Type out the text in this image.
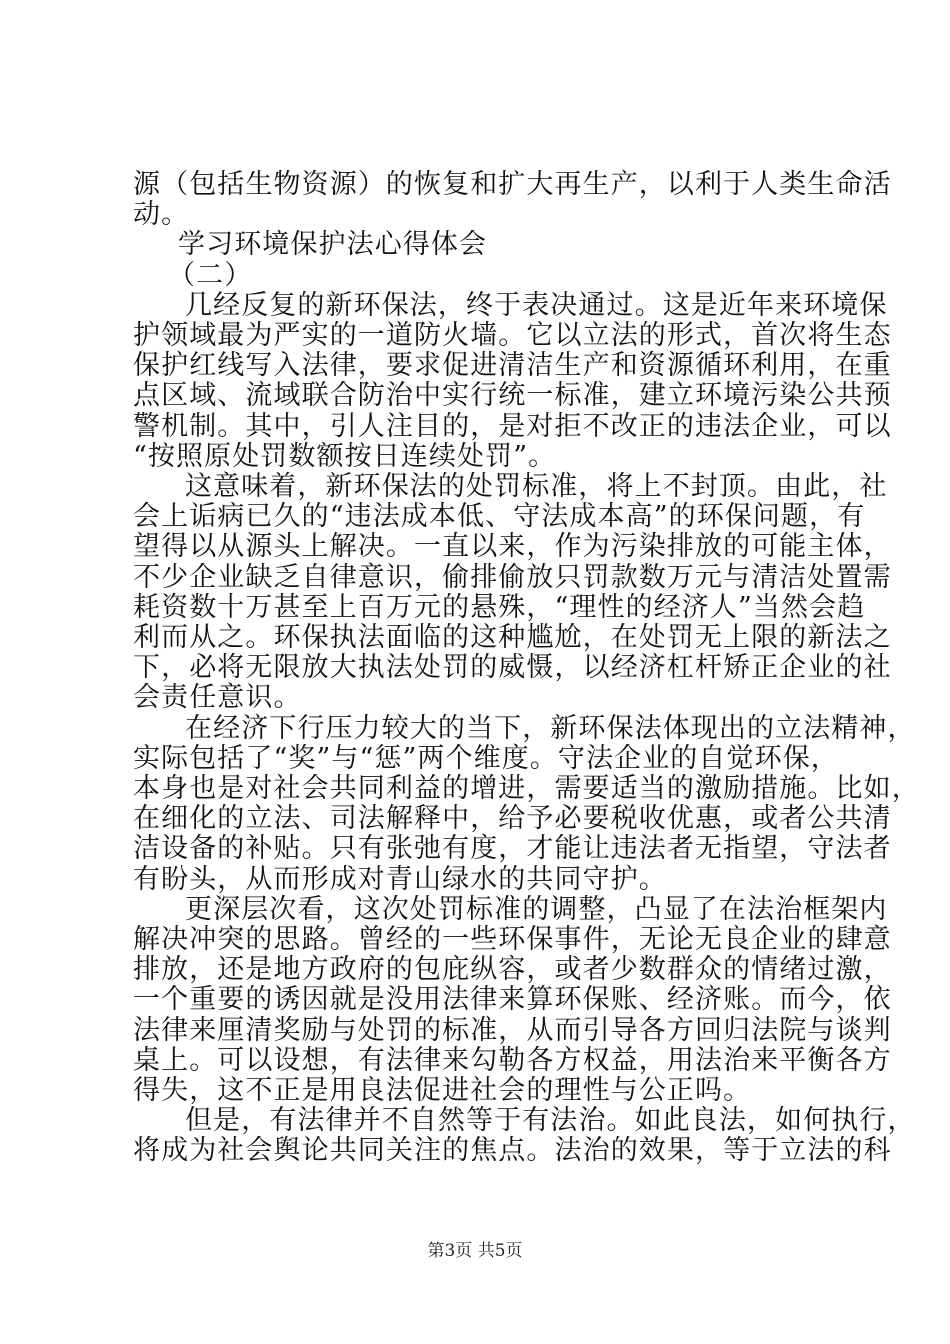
源（包括生物资源）的恢复和扩大再生产，以利于人类生命活
动。
学习环境保护法心得体会
（二）
几经反复的新环保法，终于表决通过。这是近年来环境保
护领域最为严实的一道防火墙。它以立法的形式，首次将生态
保护红线写入法律，要求促进清洁生产和资源循环利用，在重
点区域、流域联合防治中实行统一标准，建立环境污染公共预
警机制。其中，引人注目的，是对拒不改正的违法企业，可以
“按照原处罚数额按日连续处罚”。
这意味着，新环保法的处罚标准，将上不封顶。由此，社
会上诟病已久的“违法成本低、守法成本高”的环保问题，有
望得以从源头上解决。一直以来，作为污染排放的可能主体，
不少企业缺乏自律意识，偷排偷放只罚款数万元与清洁处置需
耗资数十万甚至上百万元的悬殊，“理性的经济人”当然会趋
利而从之。环保执法面临的这种尴尬，在处罚无上限的新法之
下，必将无限放大执法处罚的威慑，以经济杠杆矫正企业的社
会责任意识。
在经济下行压力较大的当下，新环保法体现出的立法精神，
实际包括了“奖”与“惩”两个维度。守法企业的自觉环保，
本身也是对社会共同利益的增进，需要适当的激励措施。比如，
在细化的立法、司法解释中，给予必要税收优惠，或者公共清
洁设备的补贴。只有张弛有度，才能让违法者无指望，守法者
有盼头，从而形成对青山绿水的共同守护。
更深层次看，这次处罚标准的调整，凸显了在法治框架内
解决冲突的思路。曾经的一些环保事件，无论无良企业的肆意
排放，还是地方政府的包庇纵容，或者少数群众的情绪过激，
一个重要的诱因就是没用法律来算环保账、经济账。而今，依
法律来厘清奖励与处罚的标准，从而引导各方回归法院与谈判
桌上。可以设想，有法律来勾勒各方权益，用法治来平衡各方
得失，这不正是用良法促进社会的理性与公正吗。
但是，有法律并不自然等于有法治。如此良法，如何执行，
将成为社会舆论共同关注的焦点。法治的效果，等于立法的科
第3页 共5页
